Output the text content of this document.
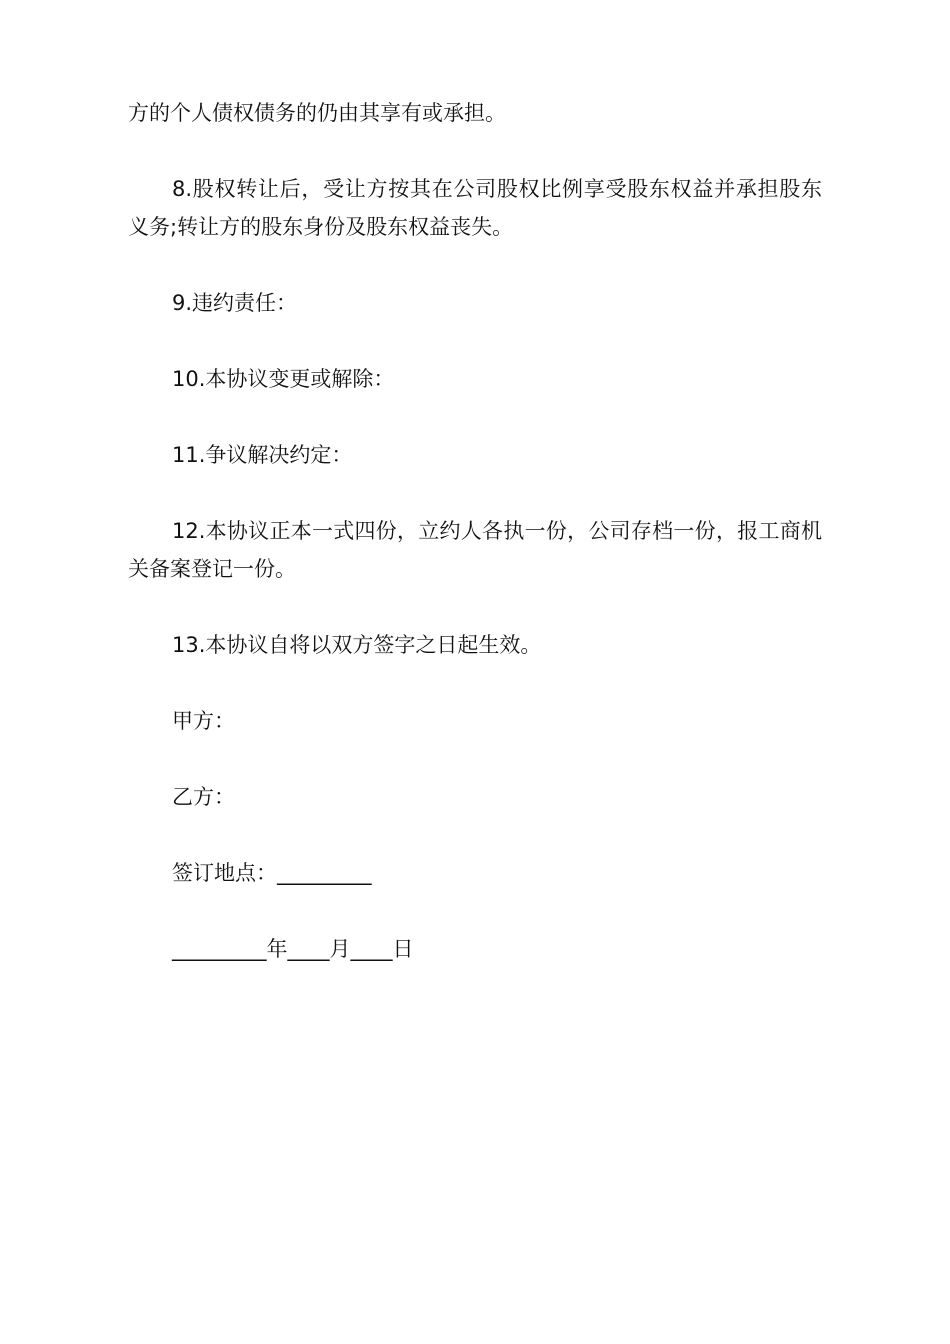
方的个人债权债务的仍由其享有或承担。

8.股权转让后，受让方按其在公司股权比例享受股东权益并承担股东义务;转让方的股东身份及股东权益丧失。

9.违约责任：

10.本协议变更或解除：

11.争议解决约定：

12.本协议正本一式四份，立约人各执一份，公司存档一份，报工商机关备案登记一份。

13.本协议自将以双方签字之日起生效。

甲方：

乙方：

签订地点：_________

_________年____月____日
